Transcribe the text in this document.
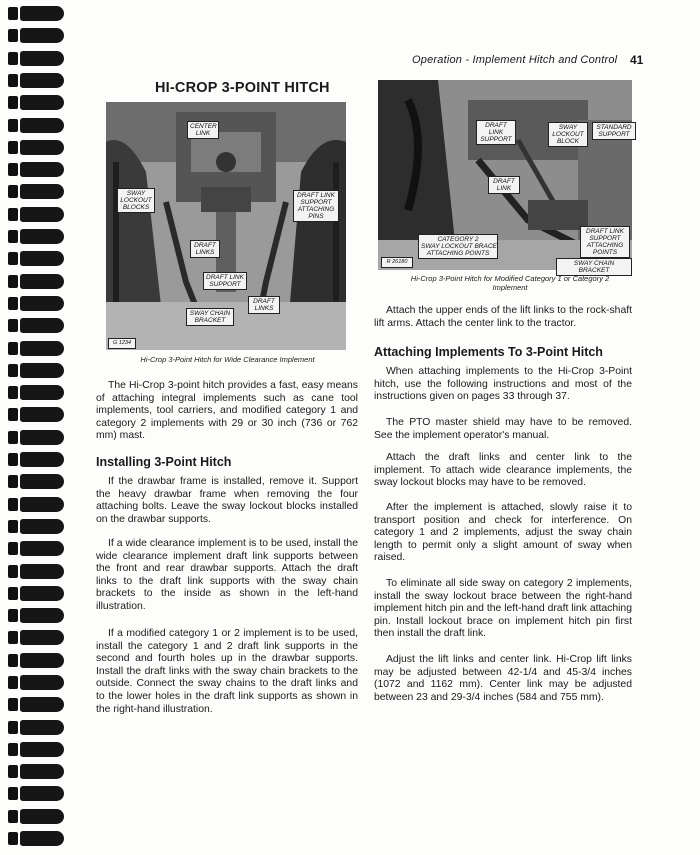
Operation - Implement Hitch and Control 41
HI-CROP 3-POINT HITCH
CENTER
LINK
SWAY
LOCKOUT
BLOCKS
DRAFT LINK
SUPPORT
ATTACHING
PINS
DRAFT
LINKS
DRAFT LINK
SUPPORT
DRAFT
LINKS
SWAY CHAIN
BRACKET
G 1234
Hi-Crop 3-Point Hitch for Wide Clearance Implement

The Hi-Crop 3-point hitch provides a fast, easy means of attaching integral implements such as cane tool implements, tool carriers, and modified category 1 and category 2 implements with 29 or 30 inch (736 or 762 mm) mast.

Installing 3-Point Hitch

If the drawbar frame is installed, remove it. Support the heavy drawbar frame when removing the four attaching bolts. Leave the sway lockout blocks installed on the drawbar supports.

If a wide clearance implement is to be used, install the wide clearance implement draft link supports between the front and rear drawbar supports. Attach the draft links to the draft link supports with the sway chain brackets to the inside as shown in the left-hand illustration.

If a modified category 1 or 2 implement is to be used, install the category 1 and 2 draft link supports in the second and fourth holes up in the drawbar supports. Install the draft links with the sway chain brackets to the outside. Connect the sway chains to the draft links and to the lower holes in the draft link supports as shown in the right-hand illustration.

DRAFT
LINK
SUPPORT
SWAY
LOCKOUT
BLOCK
STANDARD
SUPPORT
DRAFT
LINK
CATEGORY 2
SWAY LOCKOUT BRACE
ATTACHING POINTS
DRAFT LINK
SUPPORT
ATTACHING
POINTS
SWAY CHAIN BRACKET
R 26180
Hi-Crop 3-Point Hitch for Modified Category 1 or Category 2 Implement

Attach the upper ends of the lift links to the rock-shaft lift arms. Attach the center link to the tractor.

Attaching Implements To 3-Point Hitch

When attaching implements to the Hi-Crop 3-Point hitch, use the following instructions and most of the instructions given on pages 33 through 37.

The PTO master shield may have to be removed. See the implement operator's manual.

Attach the draft links and center link to the implement. To attach wide clearance implements, the sway lockout blocks may have to be removed.

After the implement is attached, slowly raise it to transport position and check for interference. On category 1 and 2 implements, adjust the sway chain length to permit only a slight amount of sway when raised.

To eliminate all side sway on category 2 implements, install the sway lockout brace between the right-hand implement hitch pin and the left-hand draft link attaching pin. Install lockout brace on implement hitch pin first then install the draft link.

Adjust the lift links and center link. Hi-Crop lift links may be adjusted between 42-1/4 and 45-3/4 inches (1072 and 1162 mm). Center link may be adjusted between 23 and 29-3/4 inches (584 and 755 mm).
